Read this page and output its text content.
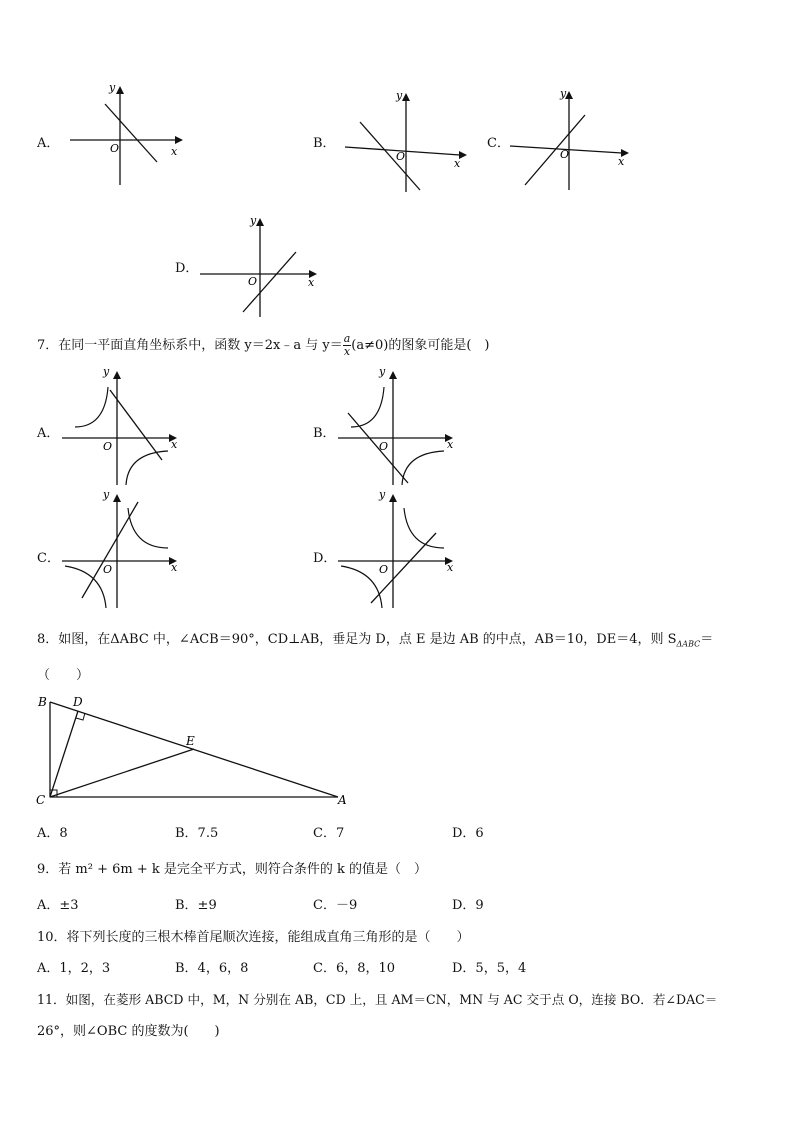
A．
y
x
O	B．
y
x
O
C．
y
x
O
D．
y
x
O
7．在同一平面直角坐标系中，函数 y＝2x﹣a 与 $y= \frac{a}{x} (a\ne 0)$的图象可能是(　)
A．
y
x
O
B．
y
x
O
C．
y
x
O
D．
y
x
O
8．如图，在ΔABC 中，∠ACB＝90°，CD⊥AB，垂足为 D，点 E 是边 AB 的中点，AB＝10，DE＝4，则 $S_{\Delta ABC}=$
（　　）
B D
E
C	A
A．8	B．7.5	C．7	D．6
9．若 m² + 6m + k 是完全平方式，则符合条件的 k 的值是（　）
A．±3	B．±9	C．－9	D．9
10．将下列长度的三根木棒首尾顺次连接，能组成直角三角形的是（　　）
A．1，2，3	B．4，6，8	C．6，8，10	D．5，5，4
11．如图，在菱形 ABCD 中，M，N 分别在 AB，CD 上，且 AM＝CN，MN 与 AC 交于点 O，连接 BO．若∠DAC＝
26°，则∠OBC 的度数为(　　)
